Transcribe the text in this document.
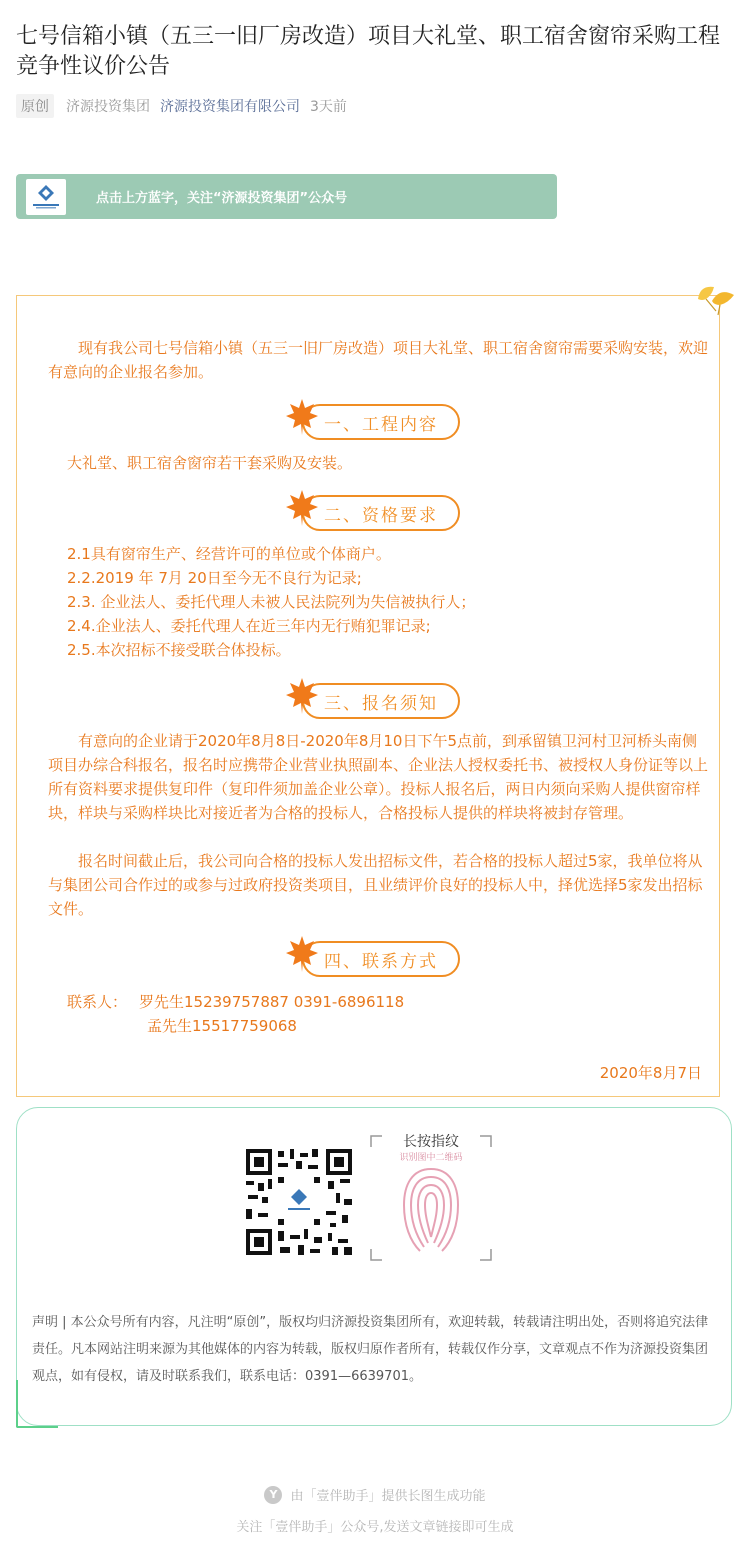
七号信箱小镇（五三一旧厂房改造）项目大礼堂、职工宿舍窗帘采购工程竞争性议价公告
原创	济源投资集团 济源投资集团有限公司 3天前
点击上方蓝字，关注“济源投资集团”公众号

现有我公司七号信箱小镇（五三一旧厂房改造）项目大礼堂、职工宿舍窗帘需要采购安装，欢迎有意向的企业报名参加。

一、工程内容
大礼堂、职工宿舍窗帘若干套采购及安装。
二、资格要求
2.1具有窗帘生产、经营许可的单位或个体商户。
2.2.2019 年 7月 20日至今无不良行为记录;
2.3. 企业法人、委托代理人未被人民法院列为失信被执行人；
2.4.企业法人、委托代理人在近三年内无行贿犯罪记录;
2.5.本次招标不接受联合体投标。
三、报名须知

有意向的企业请于2020年8月8日-2020年8月10日下午5点前，到承留镇卫河村卫河桥头南侧项目办综合科报名，报名时应携带企业营业执照副本、企业法人授权委托书、被授权人身份证等以上所有资料要求提供复印件（复印件须加盖企业公章）。投标人报名后，两日内须向采购人提供窗帘样块，样块与采购样块比对接近者为合格的投标人，合格投标人提供的样块将被封存管理。

报名时间截止后，我公司向合格的投标人发出招标文件，若合格的投标人超过5家，我单位将从与集团公司合作过的或参与过政府投资类项目，且业绩评价良好的投标人中，择优选择5家发出招标文件。

四、联系方式
联系人： 罗先生15239757887 0391-6896118
孟先生15517759068
2020年8月7日

长按指纹
识别图中二维码

声明 | 本公众号所有内容，凡注明“原创”，版权均归济源投资集团所有，欢迎转载，转载请注明出处，否则将追究法律责任。凡本网站注明来源为其他媒体的内容为转载，版权归原作者所有，转载仅作分享，文章观点不作为济源投资集团观点，如有侵权，请及时联系我们，联系电话：0391—6639701。

Y	由「壹伴助手」提供长图生成功能
关注「壹伴助手」公众号,发送文章链接即可生成
